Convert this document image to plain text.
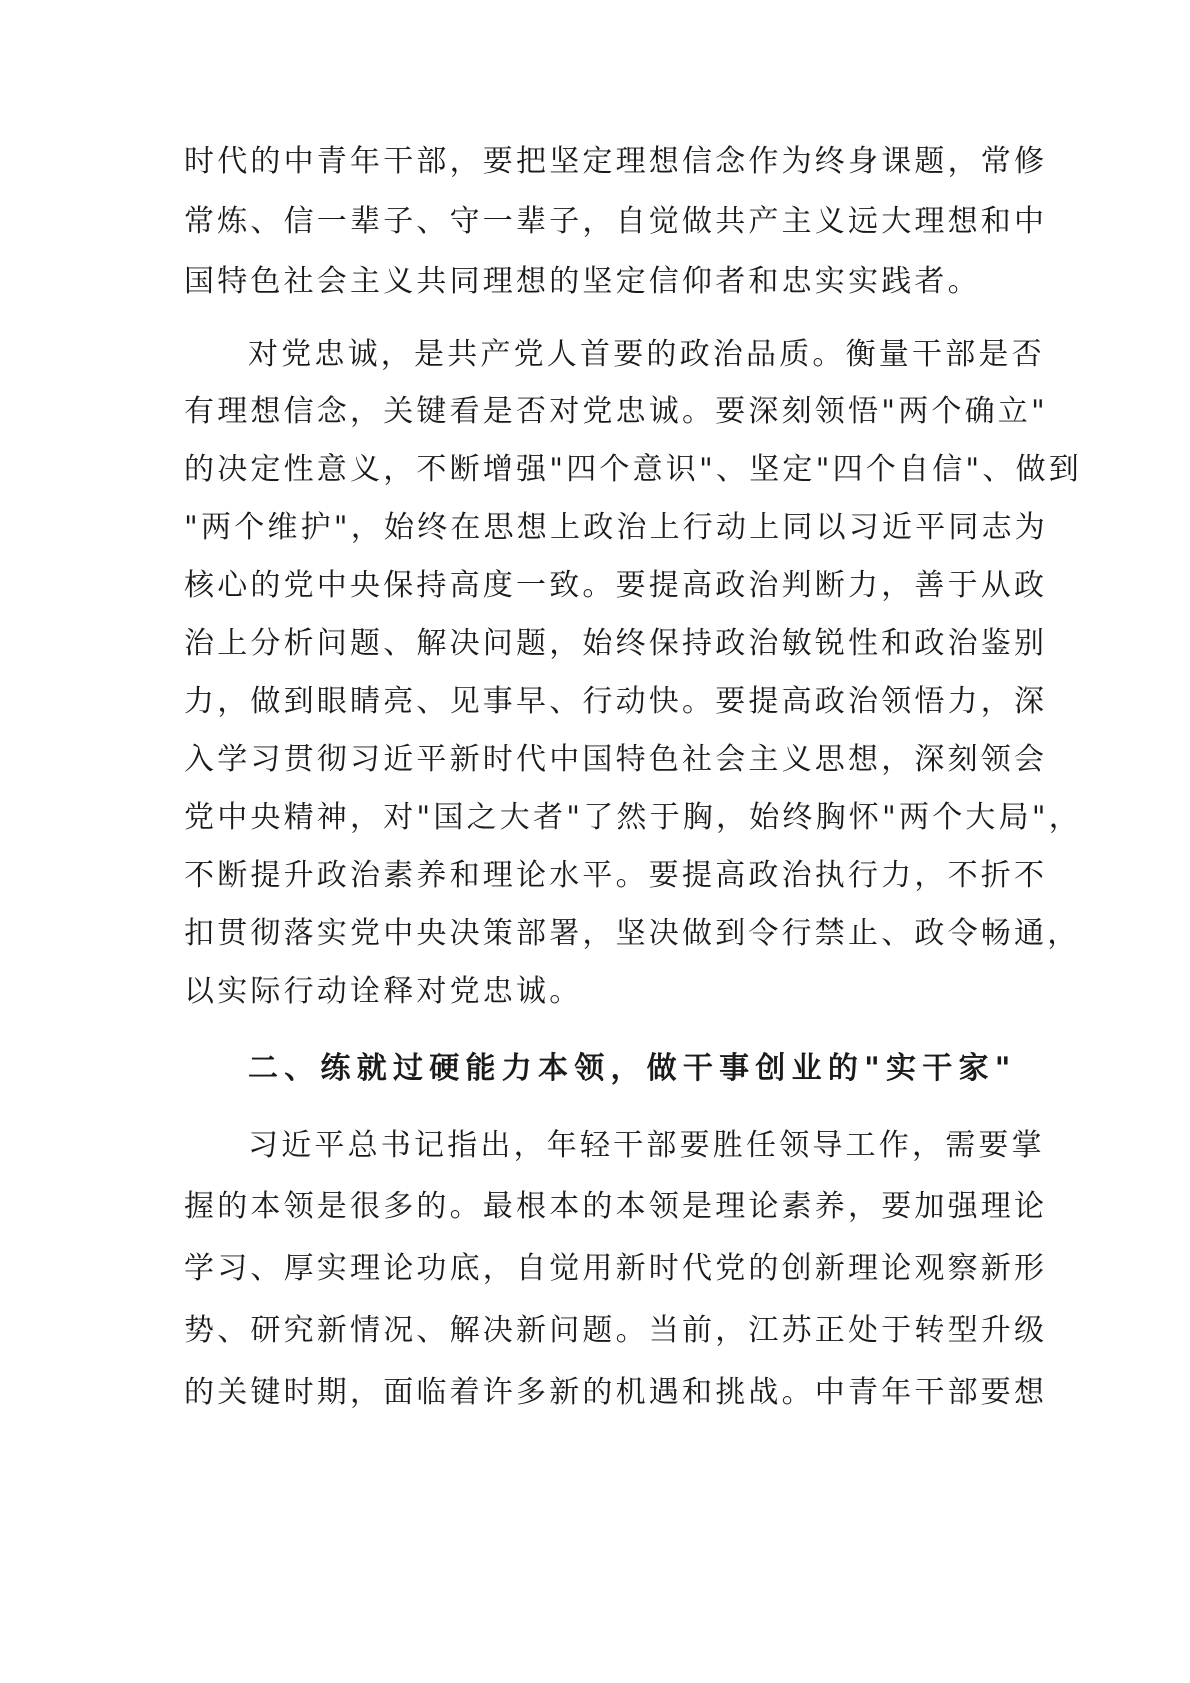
时代的中青年干部，要把坚定理想信念作为终身课题，常修
常炼、信一辈子、守一辈子，自觉做共产主义远大理想和中
国特色社会主义共同理想的坚定信仰者和忠实实践者。
对党忠诚，是共产党人首要的政治品质。衡量干部是否
有理想信念，关键看是否对党忠诚。要深刻领悟"两个确立"
的决定性意义，不断增强"四个意识"、坚定"四个自信"、做到
"两个维护"，始终在思想上政治上行动上同以习近平同志为
核心的党中央保持高度一致。要提高政治判断力，善于从政
治上分析问题、解决问题，始终保持政治敏锐性和政治鉴别
力，做到眼睛亮、见事早、行动快。要提高政治领悟力，深
入学习贯彻习近平新时代中国特色社会主义思想，深刻领会
党中央精神，对"国之大者"了然于胸，始终胸怀"两个大局"，
不断提升政治素养和理论水平。要提高政治执行力，不折不
扣贯彻落实党中央决策部署，坚决做到令行禁止、政令畅通，
以实际行动诠释对党忠诚。
二、练就过硬能力本领，做干事创业的"实干家"
习近平总书记指出，年轻干部要胜任领导工作，需要掌
握的本领是很多的。最根本的本领是理论素养，要加强理论
学习、厚实理论功底，自觉用新时代党的创新理论观察新形
势、研究新情况、解决新问题。当前，江苏正处于转型升级
的关键时期，面临着许多新的机遇和挑战。中青年干部要想
